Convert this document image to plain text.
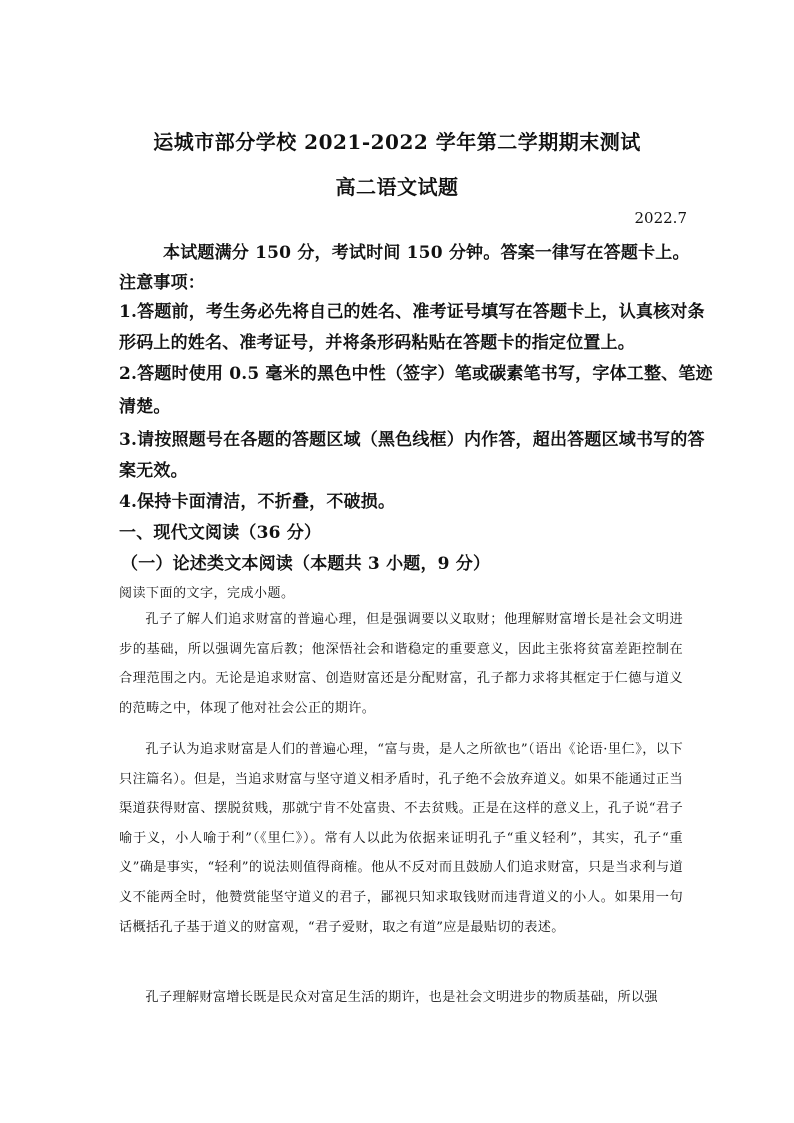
运城市部分学校 2021-2022 学年第二学期期末测试
高二语文试题
2022.7
本试题满分 150 分，考试时间 150 分钟。答案一律写在答题卡上。
注意事项：
1.答题前，考生务必先将自己的姓名、准考证号填写在答题卡上，认真核对条
形码上的姓名、准考证号，并将条形码粘贴在答题卡的指定位置上。
2.答题时使用 0.5 毫米的黑色中性（签字）笔或碳素笔书写，字体工整、笔迹
清楚。
3.请按照题号在各题的答题区域（黑色线框）内作答，超出答题区域书写的答
案无效。
4.保持卡面清洁，不折叠，不破损。
一、现代文阅读（36 分）
（一）论述类文本阅读（本题共 3 小题，9 分）
阅读下面的文字，完成小题。
孔子了解人们追求财富的普遍心理，但是强调要以义取财；他理解财富增长是社会文明进步的基础，所以强调先富后教；他深悟社会和谐稳定的重要意义，因此主张将贫富差距控制在合理范围之内。无论是追求财富、创造财富还是分配财富，孔子都力求将其框定于仁德与道义的范畴之中，体现了他对社会公正的期许。
孔子认为追求财富是人们的普遍心理，“富与贵，是人之所欲也”（语出《论语·里仁》，以下只注篇名）。但是，当追求财富与坚守道义相矛盾时，孔子绝不会放弃道义。如果不能通过正当渠道获得财富、摆脱贫贱，那就宁肯不处富贵、不去贫贱。正是在这样的意义上，孔子说“君子喻于义，小人喻于利”（《里仁》）。常有人以此为依据来证明孔子“重义轻利”，其实，孔子“重义”确是事实，“轻利”的说法则值得商榷。他从不反对而且鼓励人们追求财富，只是当求利与道义不能两全时，他赞赏能坚守道义的君子，鄙视只知求取钱财而违背道义的小人。如果用一句话概括孔子基于道义的财富观，“君子爱财，取之有道”应是最贴切的表述。
孔子理解财富增长既是民众对富足生活的期许，也是社会文明进步的物质基础，所以强
